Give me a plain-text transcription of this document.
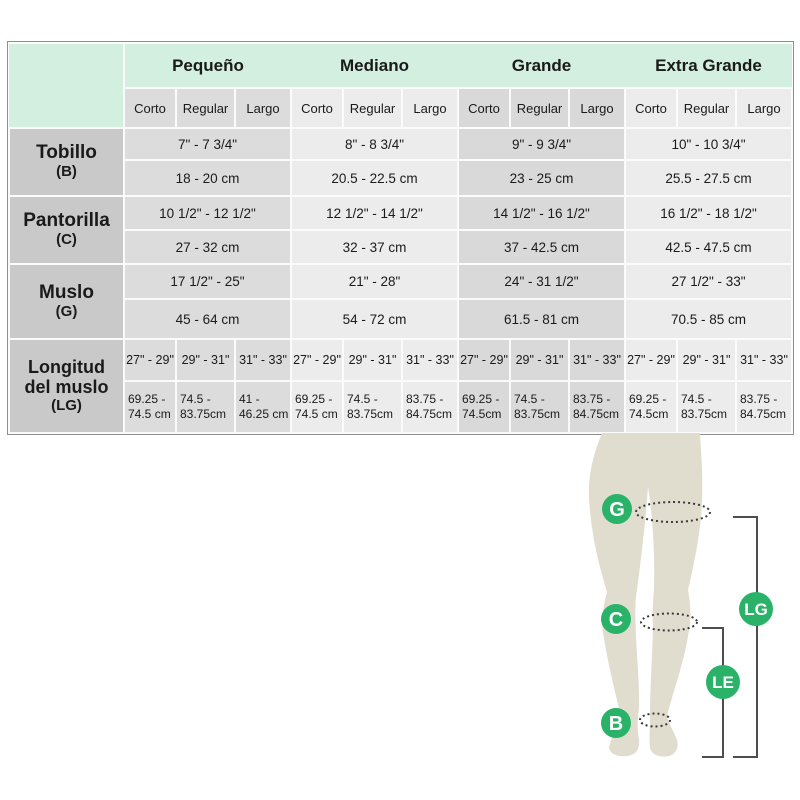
	Pequeño			Mediano			Grande			Extra Grande		
	Corto	Regular	Largo	Corto	Regular	Largo	Corto	Regular	Largo	Corto	Regular	Largo

Tobillo
(B)	7" - 7 3/4"			8" - 8 3/4"			9" - 9 3/4"			10" - 10 3/4"		
	18 - 20 cm			20.5 - 22.5 cm			23 - 25 cm			25.5 - 27.5 cm		

Pantorilla
(C)	10 1/2" - 12 1/2"			12 1/2" - 14 1/2"			14 1/2" - 16 1/2"			16 1/2" - 18 1/2"		
	27 - 32 cm			32 - 37 cm			37 - 42.5 cm			42.5 - 47.5 cm		

Muslo
(G)	17 1/2" - 25"			21" - 28"			24" - 31 1/2"			27 1/2" - 33"		
	45 - 64 cm			54 - 72 cm			61.5 - 81 cm			70.5 - 85 cm		

Longitud
del muslo
(LG)	27" - 29"	29" - 31"	31" - 33"	27" - 29"	29" - 31"	31" - 33"	27" - 29"	29" - 31"	31" - 33"	27" - 29"	29" - 31"	31" - 33"
	69.25 - 74.5 cm	74.5 - 83.75cm	41 - 46.25 cm	69.25 - 74.5 cm	74.5 - 83.75cm	83.75 - 84.75cm	69.25 - 74.5cm	74.5 - 83.75cm	83.75 - 84.75cm	69.25 - 74.5cm	74.5 - 83.75cm	83.75 - 84.75cm
G
C
B
LE
LG
